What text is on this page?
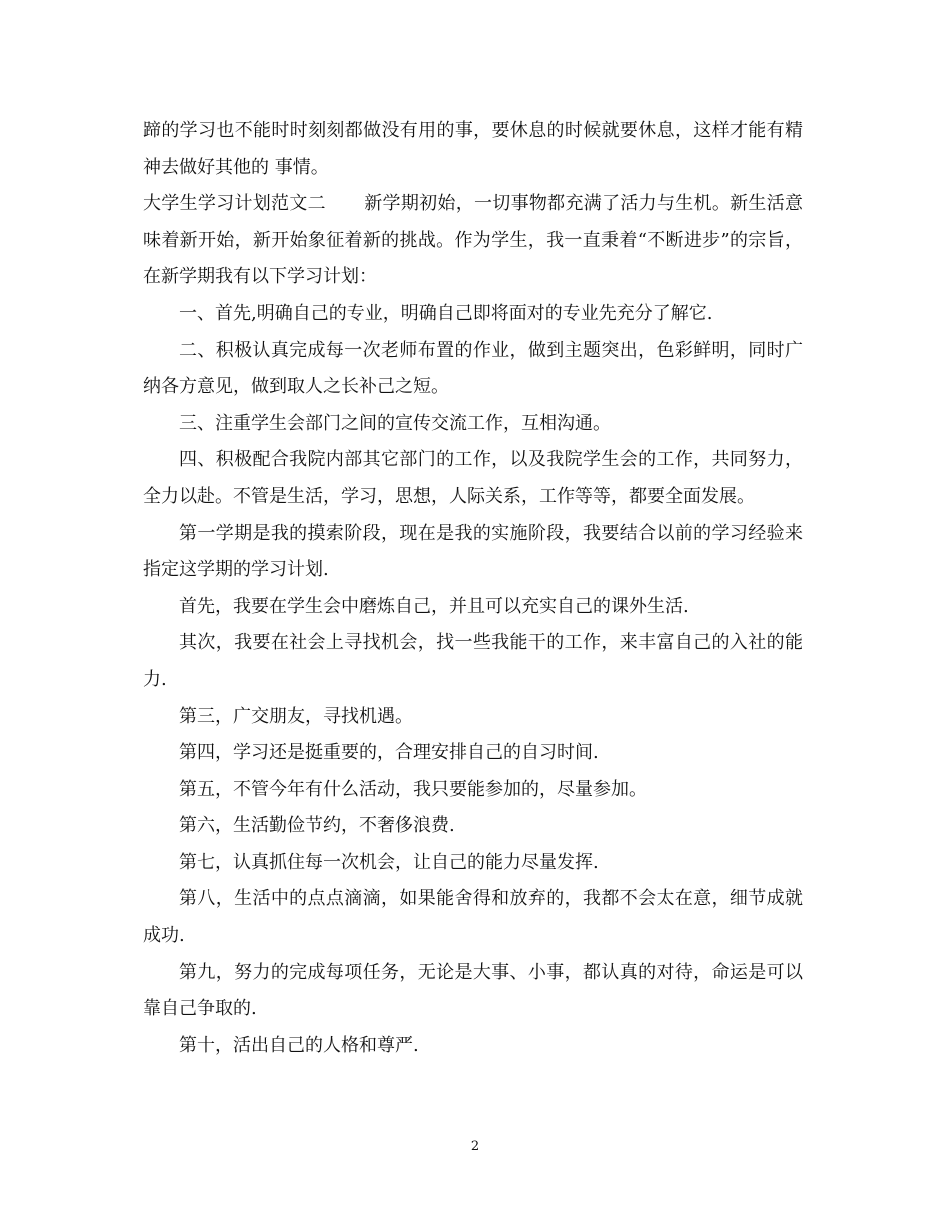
蹄的学习也不能时时刻刻都做没有用的事，要休息的时候就要休息，这样才能有精神去做好其他的 事情。

大学生学习计划范文二 新学期初始，一切事物都充满了活力与生机。新生活意味着新开始，新开始象征着新的挑战。作为学生，我一直秉着“不断进步”的宗旨，在新学期我有以下学习计划：

一、首先,明确自己的专业，明确自己即将面对的专业先充分了解它.

二、积极认真完成每一次老师布置的作业，做到主题突出，色彩鲜明，同时广纳各方意见，做到取人之长补己之短。

三、注重学生会部门之间的宣传交流工作，互相沟通。

四、积极配合我院内部其它部门的工作，以及我院学生会的工作，共同努力，全力以赴。不管是生活，学习，思想，人际关系，工作等等，都要全面发展。

第一学期是我的摸索阶段，现在是我的实施阶段，我要结合以前的学习经验来指定这学期的学习计划.

首先，我要在学生会中磨炼自己，并且可以充实自己的课外生活.

其次，我要在社会上寻找机会，找一些我能干的工作，来丰富自己的入社的能力.

第三，广交朋友，寻找机遇。

第四，学习还是挺重要的，合理安排自己的自习时间.

第五，不管今年有什么活动，我只要能参加的，尽量参加。

第六，生活勤俭节约，不奢侈浪费.

第七，认真抓住每一次机会，让自己的能力尽量发挥.

第八，生活中的点点滴滴，如果能舍得和放弃的，我都不会太在意，细节成就成功.

第九，努力的完成每项任务，无论是大事、小事，都认真的对待，命运是可以靠自己争取的.

第十，活出自己的人格和尊严.

2
